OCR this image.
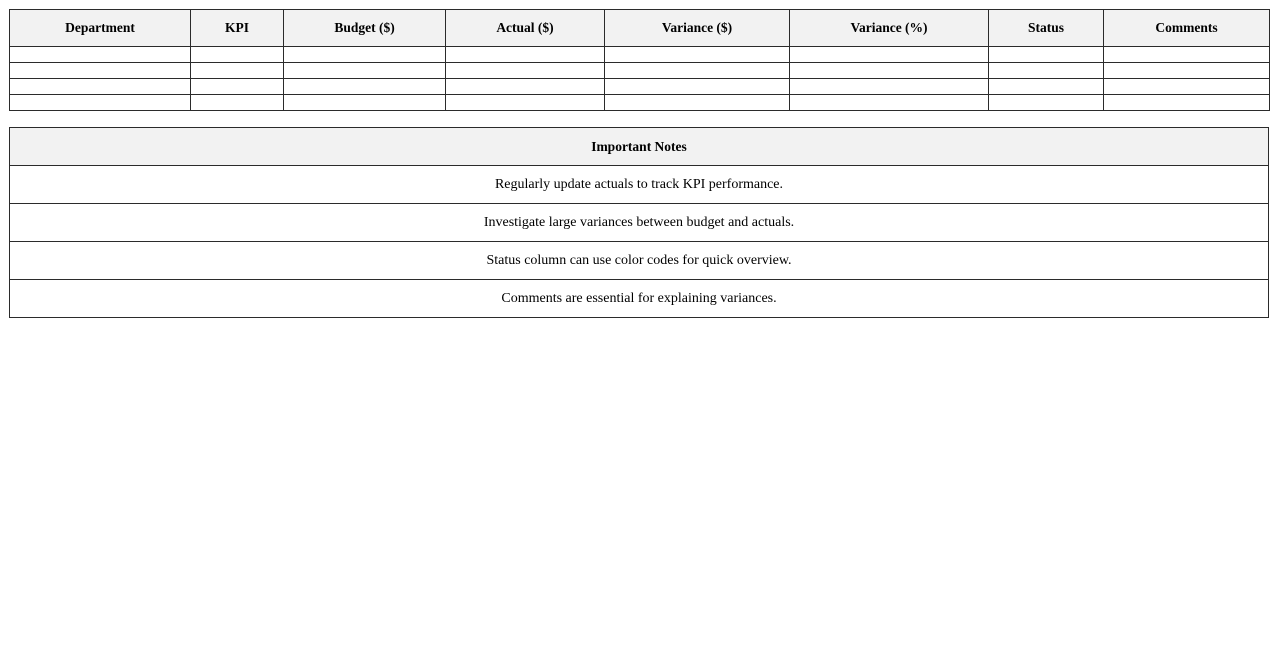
Department	KPI	Budget ($)	Actual ($)	Variance ($)	Variance (%)	Status	Comments

Important Notes
Regularly update actuals to track KPI performance.
Investigate large variances between budget and actuals.
Status column can use color codes for quick overview.
Comments are essential for explaining variances.
